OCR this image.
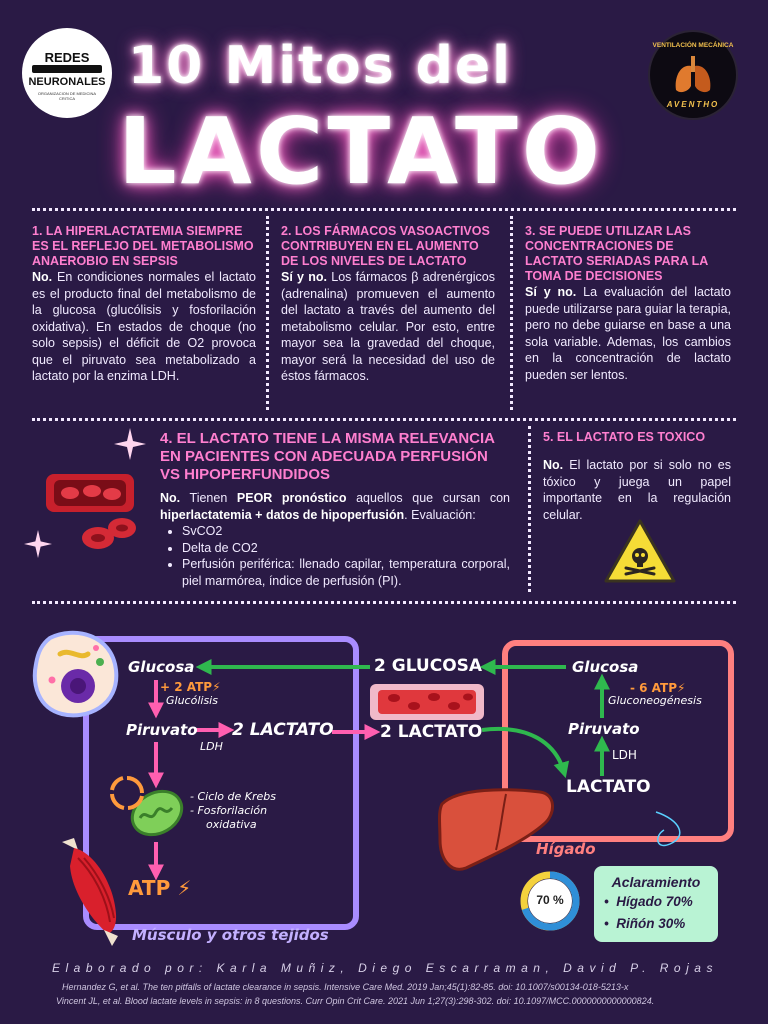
REDES
NEURONALES
ORGANIZACION DE MEDICINA CRITICA
10 Mitos del
LACTATO
VENTILACIÓN MECÁNICA
AVENTHO
1. LA HIPERLACTATEMIA SIEMPRE ES EL REFLEJO DEL METABOLISMO ANAEROBIO EN SEPSIS
No. En condiciones normales el lactato es el producto final del metabolismo de la glucosa (glucólisis y fosforilación oxidativa). En estados de choque (no solo sepsis) el déficit de O2 provoca que el piruvato sea metabolizado a lactato por la enzima LDH.
2. LOS FÁRMACOS VASOACTIVOS CONTRIBUYEN EN EL AUMENTO DE LOS NIVELES DE LACTATO
Sí y no. Los fármacos β adrenérgicos (adrenalina) promueven el aumento del lactato a través del aumento del metabolismo celular. Por esto, entre mayor sea la gravedad del choque, mayor será la necesidad del uso de éstos fármacos.
3. SE PUEDE UTILIZAR LAS CONCENTRACIONES DE LACTATO SERIADAS PARA LA TOMA DE DECISIONES
Sí y no. La evaluación del lactato puede utilizarse para guiar la terapia, pero no debe guiarse en base a una sola variable. Ademas, los cambios en la concentración de lactato pueden ser lentos.
4. EL LACTATO TIENE LA MISMA RELEVANCIA EN PACIENTES CON ADECUADA PERFUSIÓN VS HIPOPERFUNDIDOS
No. Tienen PEOR pronóstico aquellos que cursan con hiperlactatemia + datos de hipoperfusión. Evaluación:
• SvCO2
• Delta de CO2
• Perfusión periférica: llenado capilar, temperatura corporal, piel marmórea, índice de perfusión (PI).
5. EL LACTATO ES TOXICO
No. El lactato por si solo no es tóxico y juega un papel importante en la regulación celular.
Glucosa
+ 2 ATP⚡
Glucólisis
Piruvato
LDH
2 LACTATO
- Ciclo de Krebs
- Fosforilación
oxidativa
ATP ⚡
Músculo y otros tejidos
2 GLUCOSA
2 LACTATO
Glucosa
- 6 ATP⚡
Gluconeogénesis
Piruvato
LDH
LACTATO
Hígado
70 %
Aclaramiento
•  Hígado 70%
•  Riñón 30%
Elaborado por: Karla Muñiz, Diego Escarraman, David P. Rojas
Hernandez G, et al. The ten pitfalls of lactate clearance in sepsis. Intensive Care Med. 2019 Jan;45(1):82-85. doi: 10.1007/s00134-018-5213-x
Vincent JL, et al. Blood lactate levels in sepsis: in 8 questions. Curr Opin Crit Care. 2021 Jun 1;27(3):298-302. doi: 10.1097/MCC.0000000000000824.
